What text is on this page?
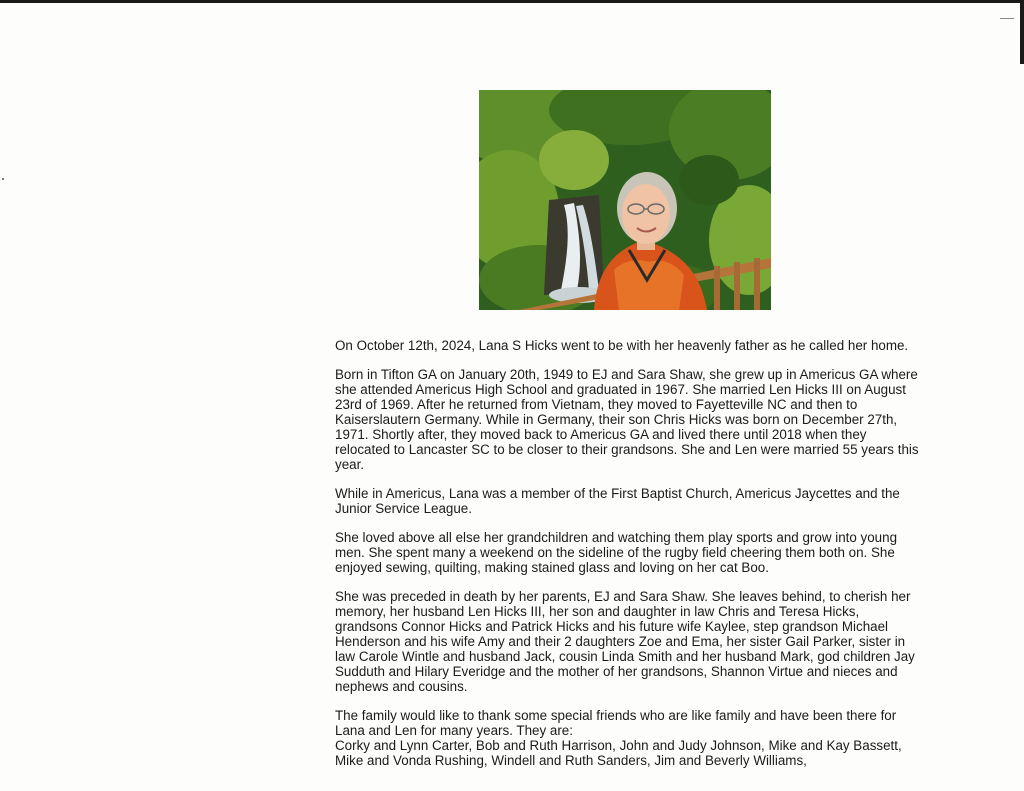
On October 12th, 2024, Lana S Hicks went to be with her heavenly father as he called her home.

Born in Tifton GA on January 20th, 1949 to EJ and Sara Shaw, she grew up in Americus GA where she attended Americus High School and graduated in 1967. She married Len Hicks III on August 23rd of 1969. After he returned from Vietnam, they moved to Fayetteville NC and then to Kaiserslautern Germany. While in Germany, their son Chris Hicks was born on December 27th, 1971. Shortly after, they moved back to Americus GA and lived there until 2018 when they relocated to Lancaster SC to be closer to their grandsons. She and Len were married 55 years this year.

While in Americus, Lana was a member of the First Baptist Church, Americus Jaycettes and the Junior Service League.

She loved above all else her grandchildren and watching them play sports and grow into young men. She spent many a weekend on the sideline of the rugby field cheering them both on. She enjoyed sewing, quilting, making stained glass and loving on her cat Boo.

She was preceded in death by her parents, EJ and Sara Shaw. She leaves behind, to cherish her memory, her husband Len Hicks III, her son and daughter in law Chris and Teresa Hicks, grandsons Connor Hicks and Patrick Hicks and his future wife Kaylee, step grandson Michael Henderson and his wife Amy and their 2 daughters Zoe and Ema, her sister Gail Parker, sister in law Carole Wintle and husband Jack, cousin Linda Smith and her husband Mark, god children Jay Sudduth and Hilary Everidge and the mother of her grandsons, Shannon Virtue and nieces and nephews and cousins.

The family would like to thank some special friends who are like family and have been there for Lana and Len for many years. They are:

Corky and Lynn Carter, Bob and Ruth Harrison, John and Judy Johnson, Mike and Kay Bassett, Mike and Vonda Rushing, Windell and Ruth Sanders, Jim and Beverly Williams,
